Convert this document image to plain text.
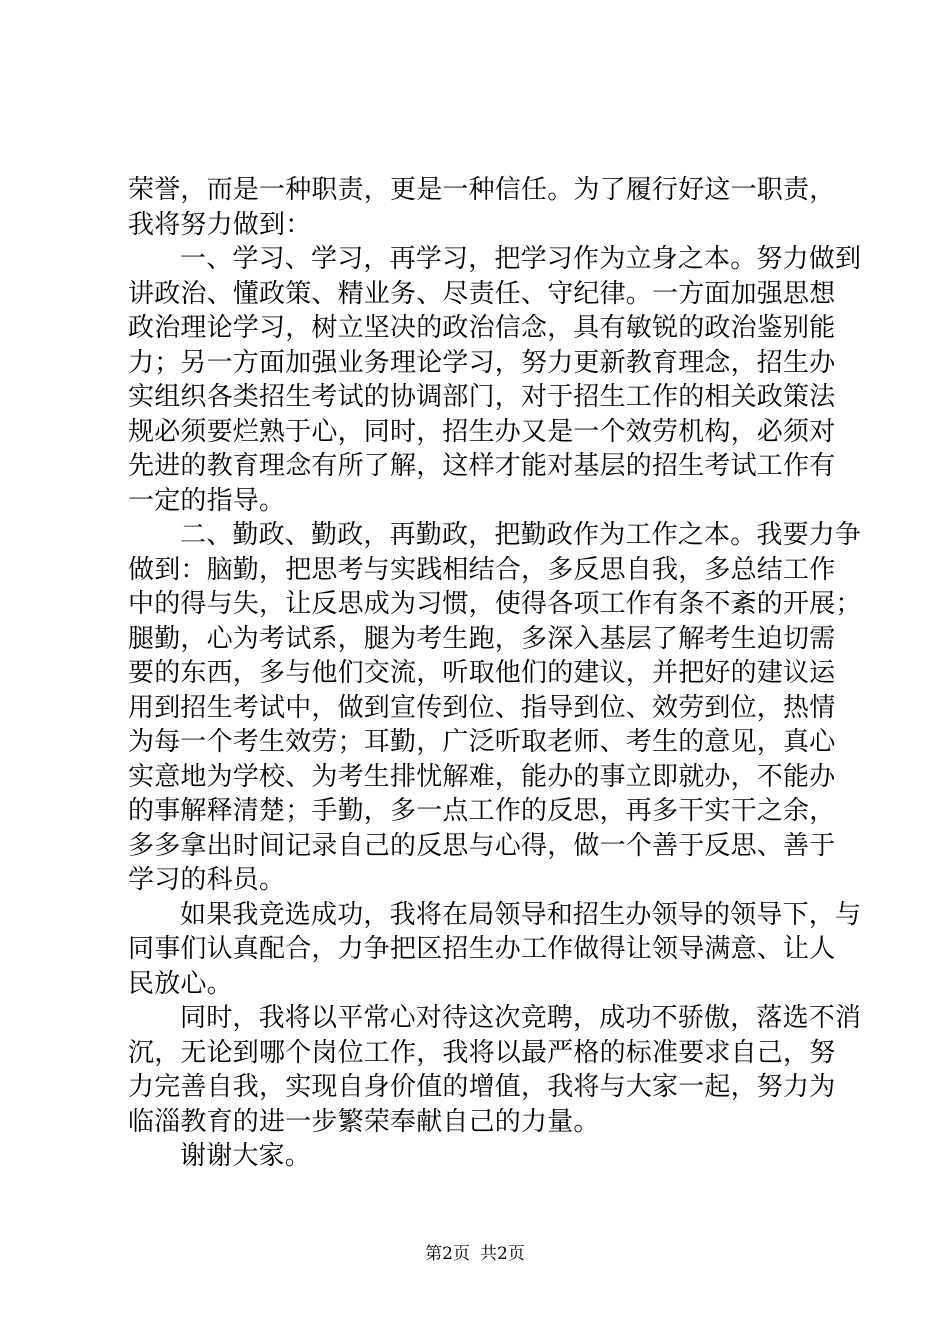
荣誉，而是一种职责，更是一种信任。为了履行好这一职责，
我将努力做到：
一、学习、学习，再学习，把学习作为立身之本。努力做到
讲政治、懂政策、精业务、尽责任、守纪律。一方面加强思想
政治理论学习，树立坚决的政治信念，具有敏锐的政治鉴别能
力；另一方面加强业务理论学习，努力更新教育理念，招生办
实组织各类招生考试的协调部门，对于招生工作的相关政策法
规必须要烂熟于心，同时，招生办又是一个效劳机构，必须对
先进的教育理念有所了解，这样才能对基层的招生考试工作有
一定的指导。
二、勤政、勤政，再勤政，把勤政作为工作之本。我要力争
做到：脑勤，把思考与实践相结合，多反思自我，多总结工作
中的得与失，让反思成为习惯，使得各项工作有条不紊的开展；
腿勤，心为考试系，腿为考生跑，多深入基层了解考生迫切需
要的东西，多与他们交流，听取他们的建议，并把好的建议运
用到招生考试中，做到宣传到位、指导到位、效劳到位，热情
为每一个考生效劳；耳勤，广泛听取老师、考生的意见，真心
实意地为学校、为考生排忧解难，能办的事立即就办，不能办
的事解释清楚；手勤，多一点工作的反思，再多干实干之余，
多多拿出时间记录自己的反思与心得，做一个善于反思、善于
学习的科员。
如果我竞选成功，我将在局领导和招生办领导的领导下，与
同事们认真配合，力争把区招生办工作做得让领导满意、让人
民放心。
同时，我将以平常心对待这次竞聘，成功不骄傲，落选不消
沉，无论到哪个岗位工作，我将以最严格的标准要求自己，努
力完善自我，实现自身价值的增值，我将与大家一起，努力为
临淄教育的进一步繁荣奉献自己的力量。
谢谢大家。
第2页 共2页
